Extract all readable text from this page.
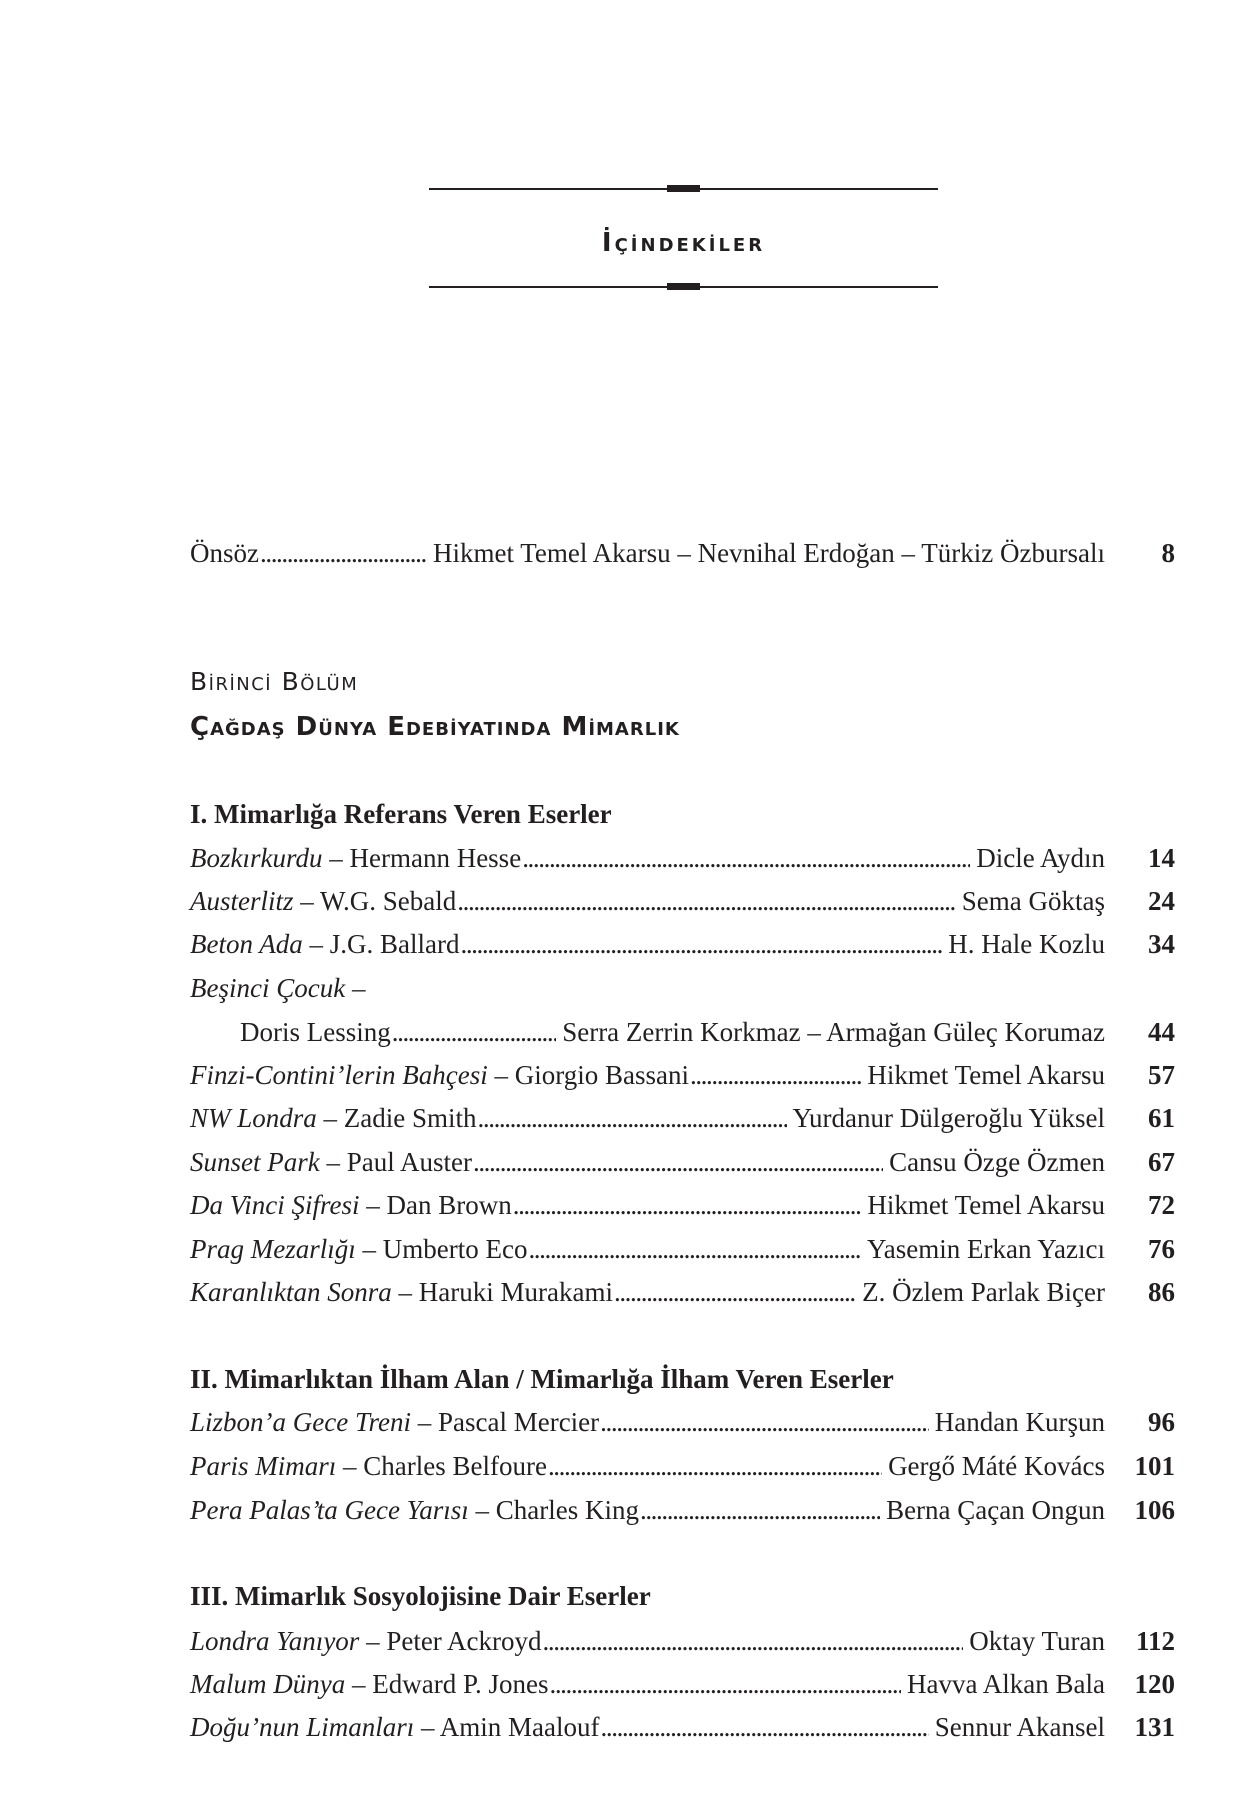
İçindekiler
Önsöz .....	Hikmet Temel Akarsu – Nevnihal Erdoğan – Türkiz Özbursalı	8
Birinci Bölüm
Çağdaş Dünya Edebiyatında Mimarlık
I. Mimarlığa Referans Veren Eserler
Bozkırkurdu – Hermann Hesse .....	Dicle Aydın	14
Austerlitz – W.G. Sebald .....	Sema Göktaş	24
Beton Ada – J.G. Ballard .....	H. Hale Kozlu	34
Beşinci Çocuk –
Doris Lessing .....	Serra Zerrin Korkmaz – Armağan Güleç Korumaz	44
Finzi-Contini’lerin Bahçesi – Giorgio Bassani .....	Hikmet Temel Akarsu	57
NW Londra – Zadie Smith .....	Yurdanur Dülgeroğlu Yüksel	61
Sunset Park – Paul Auster .....	Cansu Özge Özmen	67
Da Vinci Şifresi – Dan Brown .....	Hikmet Temel Akarsu	72
Prag Mezarlığı – Umberto Eco .....	Yasemin Erkan Yazıcı	76
Karanlıktan Sonra – Haruki Murakami .....	Z. Özlem Parlak Biçer	86
II. Mimarlıktan İlham Alan / Mimarlığa İlham Veren Eserler
Lizbon’a Gece Treni – Pascal Mercier .....	Handan Kurşun	96
Paris Mimarı – Charles Belfoure .....	Gergő Máté Kovács	101
Pera Palas’ta Gece Yarısı – Charles King .....	Berna Çaçan Ongun	106
III. Mimarlık Sosyolojisine Dair Eserler
Londra Yanıyor – Peter Ackroyd .....	Oktay Turan	112
Malum Dünya – Edward P. Jones .....	Havva Alkan Bala	120
Doğu’nun Limanları – Amin Maalouf .....	Sennur Akansel	131
